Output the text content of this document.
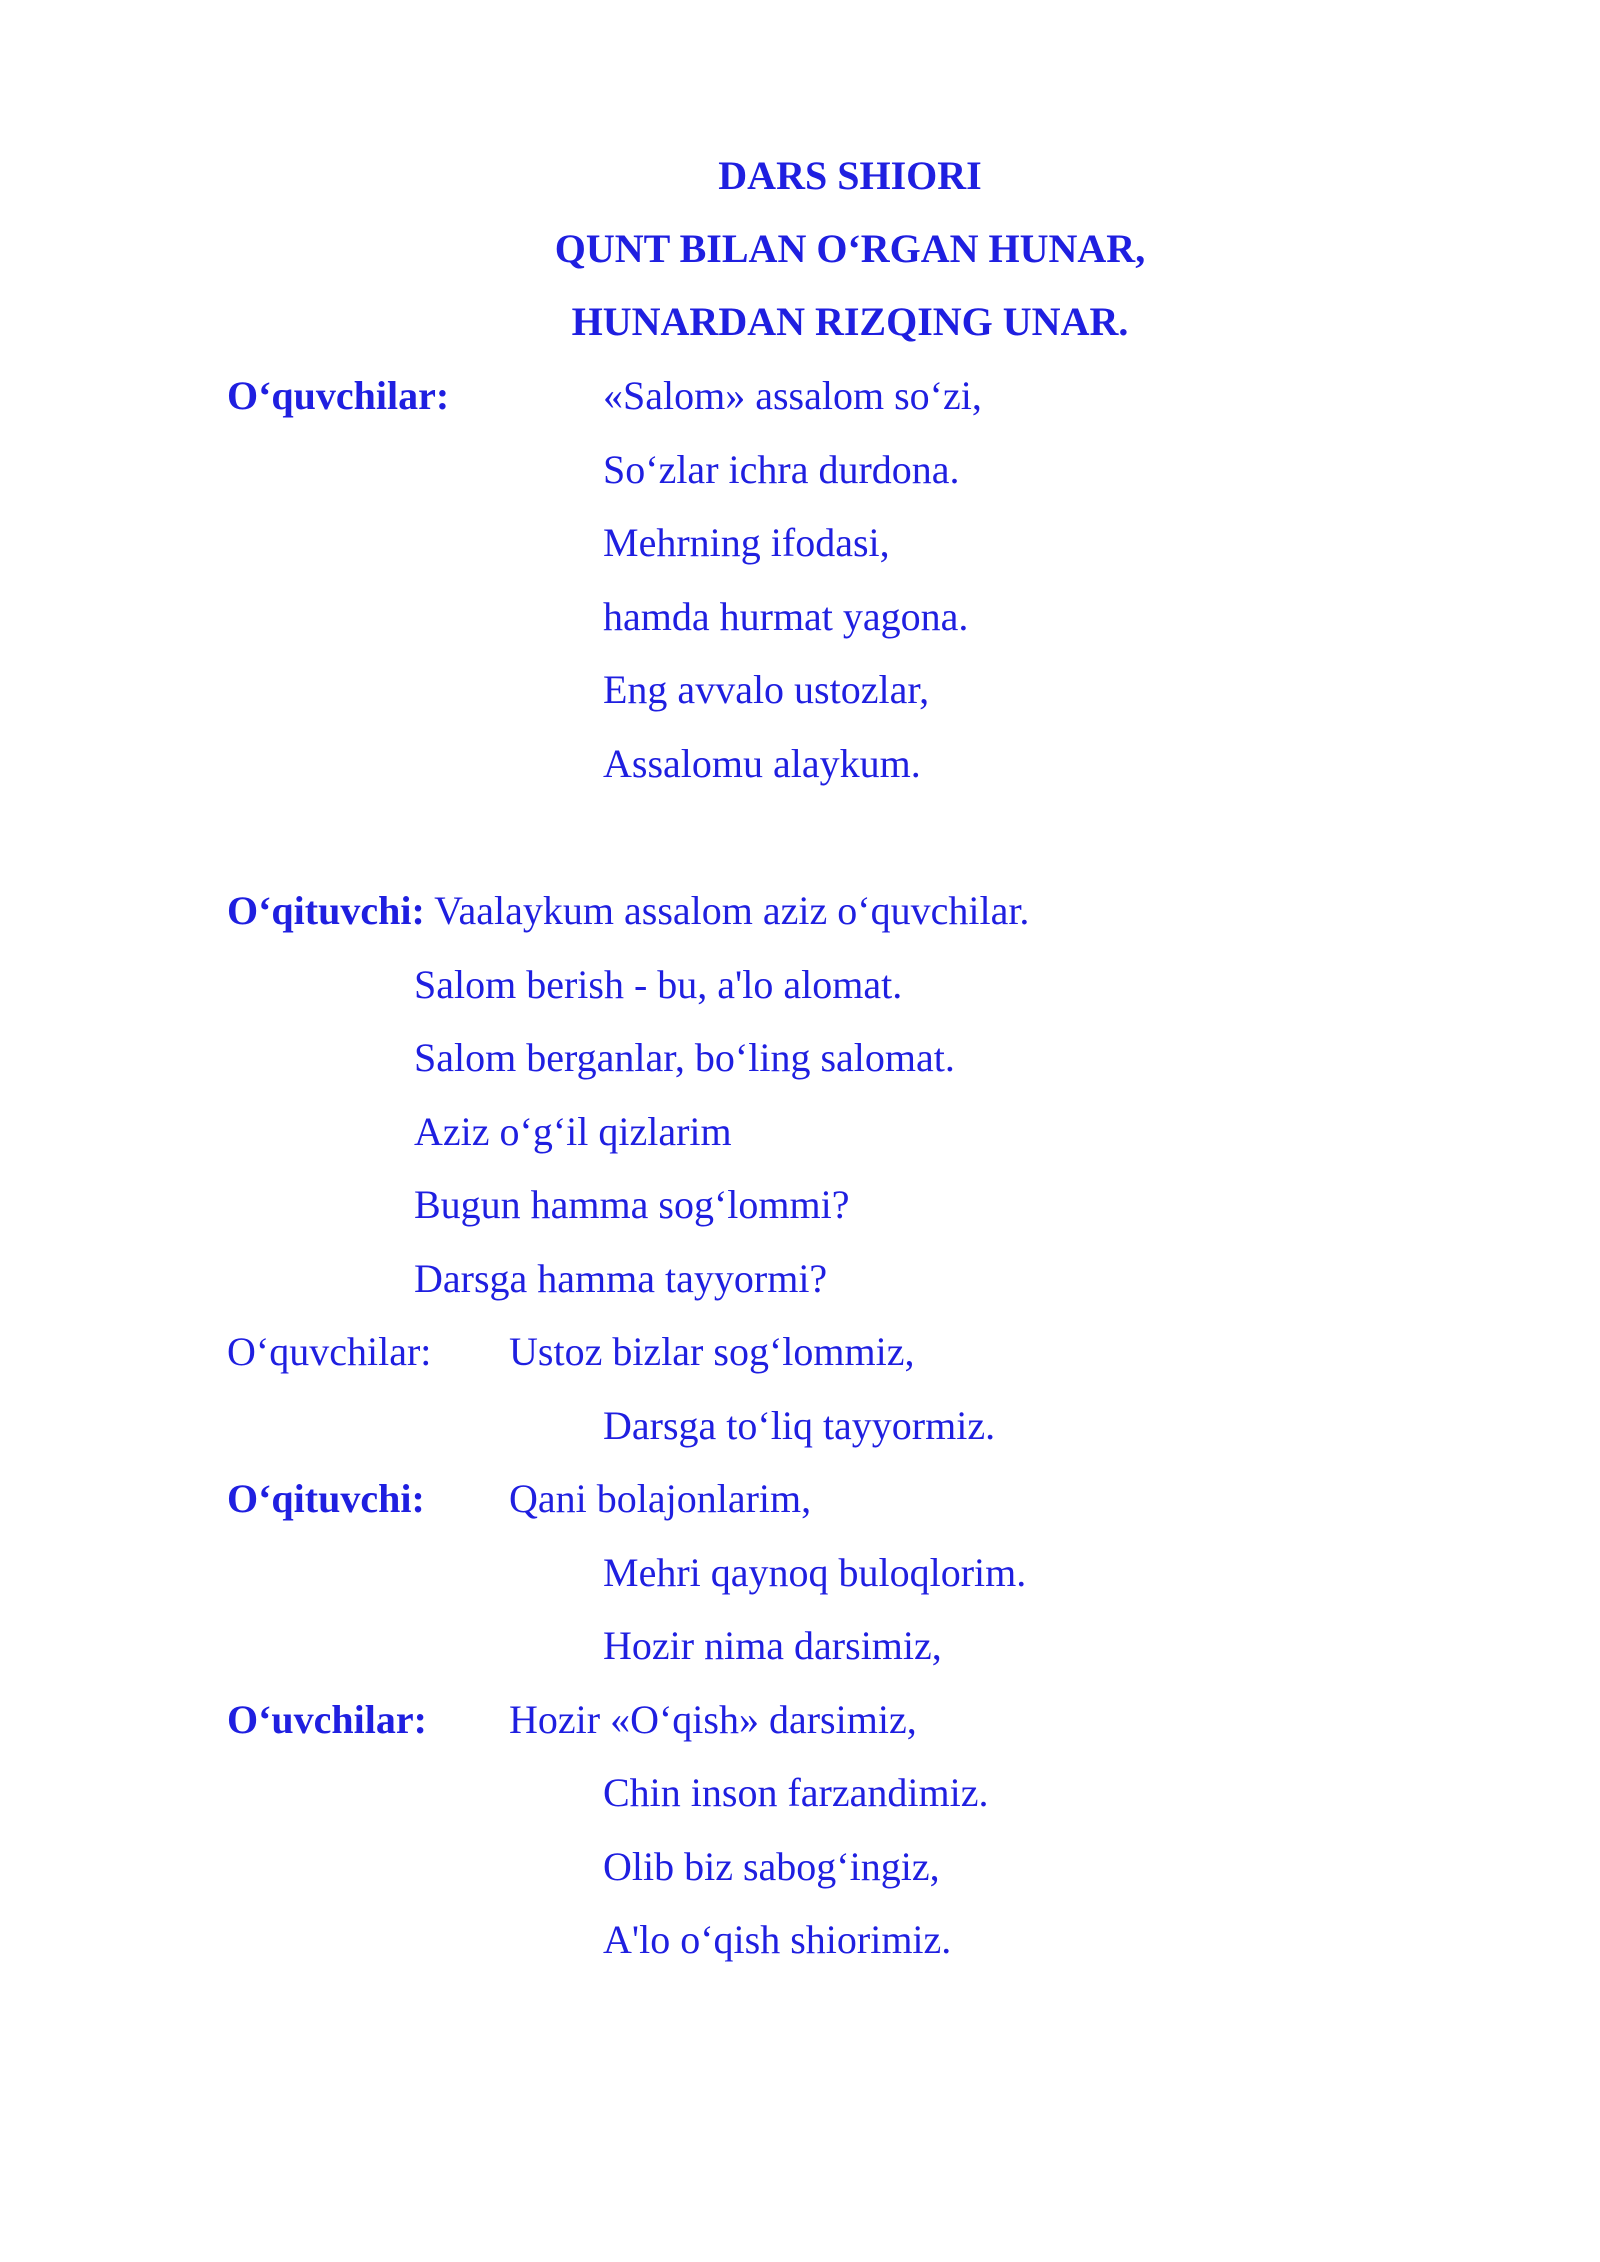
DARS SHIORI
QUNT BILAN O‘RGAN HUNAR,
HUNARDAN RIZQING UNAR.
O‘quvchilar:	«Salom» assalom so‘zi,
So‘zlar ichra durdona.
Mehrning ifodasi,
hamda hurmat yagona.
Eng avvalo ustozlar,
Assalomu alaykum.
O‘qituvchi: Vaalaykum assalom aziz o‘quvchilar.
Salom berish - bu, a'lo alomat.
Salom berganlar, bo‘ling salomat.
Aziz o‘g‘il qizlarim
Bugun hamma sog‘lommi?
Darsga hamma tayyormi?
O‘quvchilar: Ustoz bizlar sog‘lommiz,
Darsga to‘liq tayyormiz.
O‘qituvchi: Qani bolajonlarim,
Mehri qaynoq buloqlorim.
Hozir nima darsimiz,
O‘uvchilar: Hozir «O‘qish» darsimiz,
Chin inson farzandimiz.
Olib biz sabog‘ingiz,
A'lo o‘qish shiorimiz.
